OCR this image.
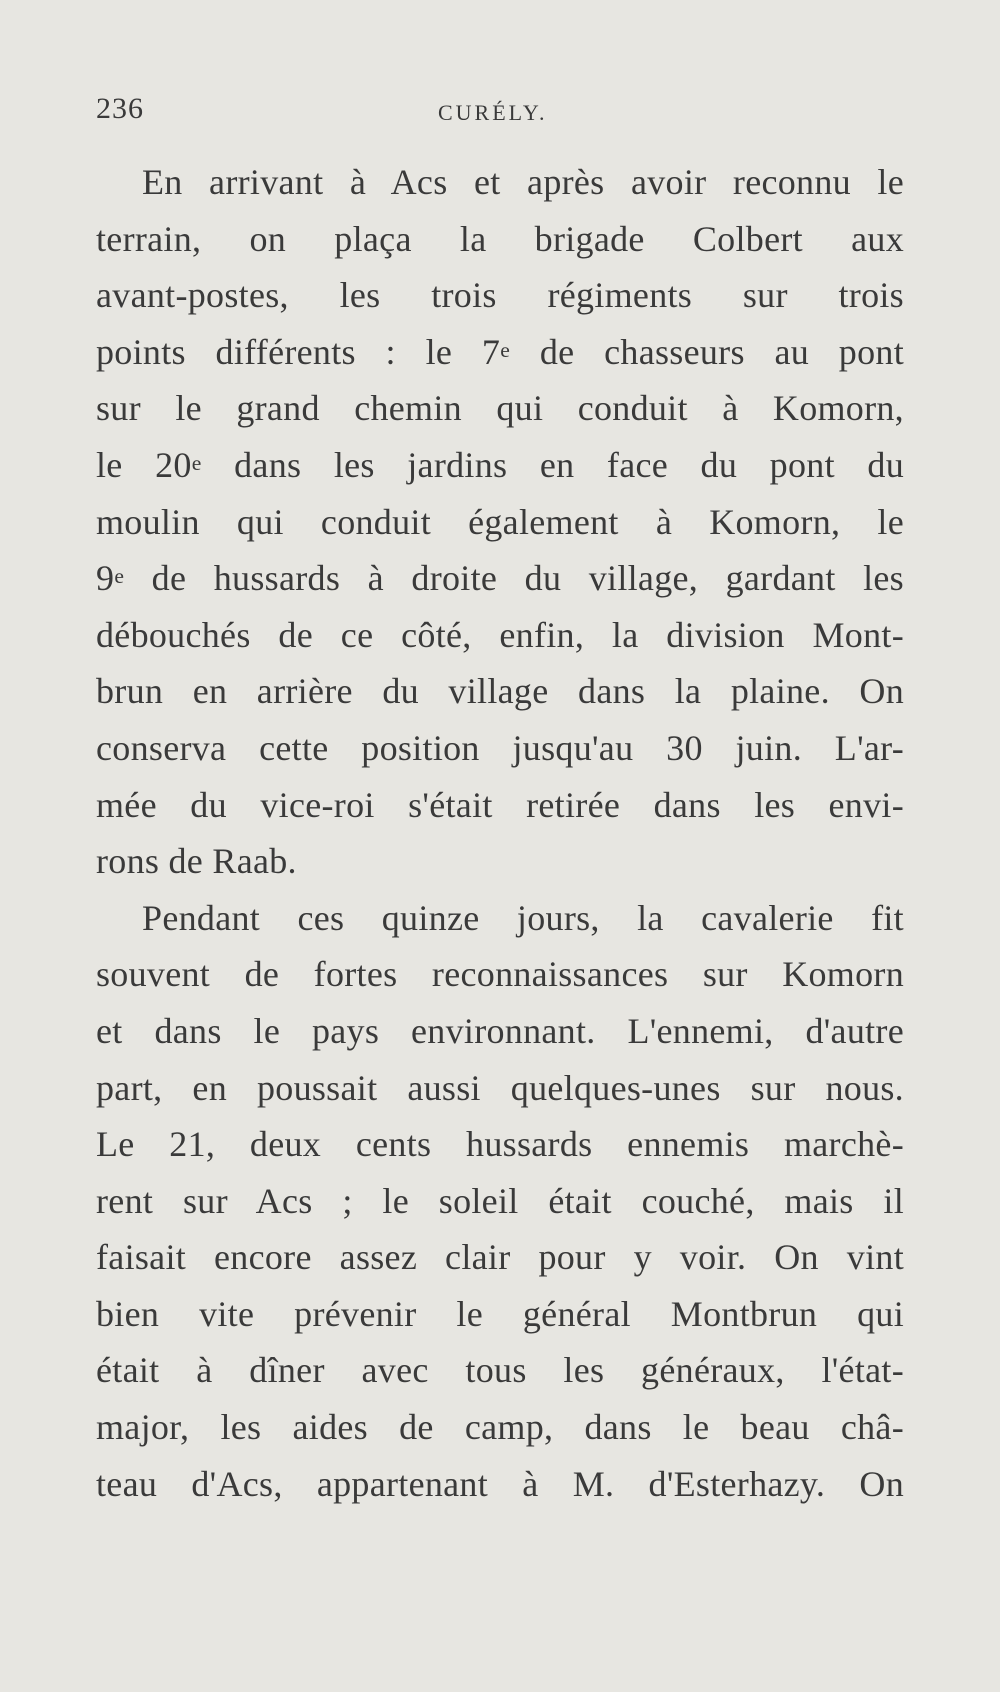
236	CURÉLY.
En arrivant à Acs et après avoir reconnu le
terrain, on plaça la brigade Colbert aux
avant-postes, les trois régiments sur trois
points différents : le 7e de chasseurs au pont
sur le grand chemin qui conduit à Komorn,
le 20e dans les jardins en face du pont du
moulin qui conduit également à Komorn, le
9e de hussards à droite du village, gardant les
débouchés de ce côté, enfin, la division Mont-
brun en arrière du village dans la plaine. On
conserva cette position jusqu'au 30 juin. L'ar-
mée du vice-roi s'était retirée dans les envi-
rons de Raab.
Pendant ces quinze jours, la cavalerie fit
souvent de fortes reconnaissances sur Komorn
et dans le pays environnant. L'ennemi, d'autre
part, en poussait aussi quelques-unes sur nous.
Le 21, deux cents hussards ennemis marchè-
rent sur Acs ; le soleil était couché, mais il
faisait encore assez clair pour y voir. On vint
bien vite prévenir le général Montbrun qui
était à dîner avec tous les généraux, l'état-
major, les aides de camp, dans le beau châ-
teau d'Acs, appartenant à M. d'Esterhazy. On
